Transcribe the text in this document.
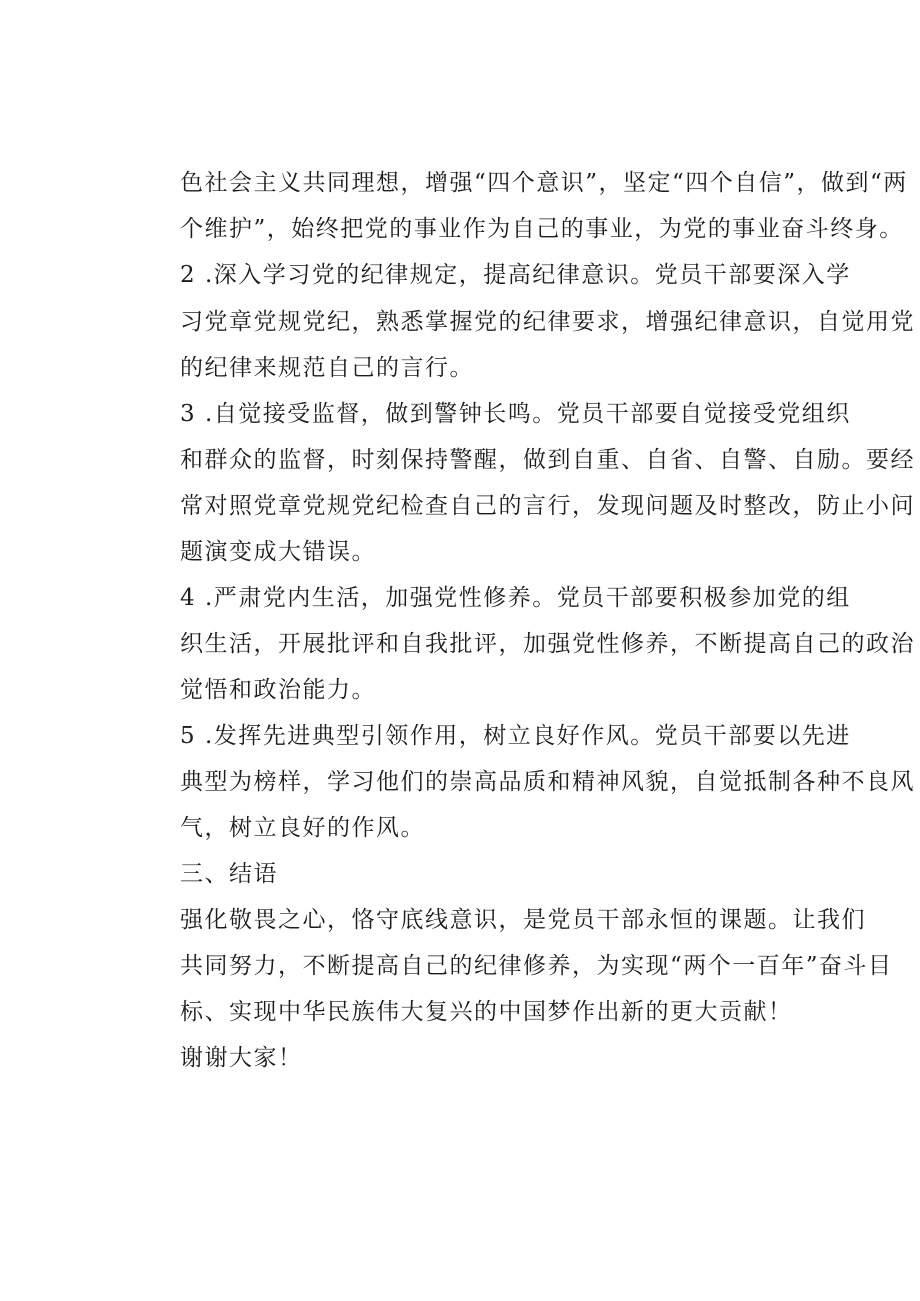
色社会主义共同理想，增强“四个意识”，坚定“四个自信”，做到“两
个维护”，始终把党的事业作为自己的事业，为党的事业奋斗终身。
2 .深入学习党的纪律规定，提高纪律意识。党员干部要深入学
习党章党规党纪，熟悉掌握党的纪律要求，增强纪律意识，自觉用党
的纪律来规范自己的言行。
3 .自觉接受监督，做到警钟长鸣。党员干部要自觉接受党组织
和群众的监督，时刻保持警醒，做到自重、自省、自警、自励。要经
常对照党章党规党纪检查自己的言行，发现问题及时整改，防止小问
题演变成大错误。
4 .严肃党内生活，加强党性修养。党员干部要积极参加党的组
织生活，开展批评和自我批评，加强党性修养，不断提高自己的政治
觉悟和政治能力。
5 .发挥先进典型引领作用，树立良好作风。党员干部要以先进
典型为榜样，学习他们的崇高品质和精神风貌，自觉抵制各种不良风
气，树立良好的作风。
三、结语
强化敬畏之心，恪守底线意识，是党员干部永恒的课题。让我们
共同努力，不断提高自己的纪律修养，为实现“两个一百年”奋斗目
标、实现中华民族伟大复兴的中国梦作出新的更大贡献！
谢谢大家！
